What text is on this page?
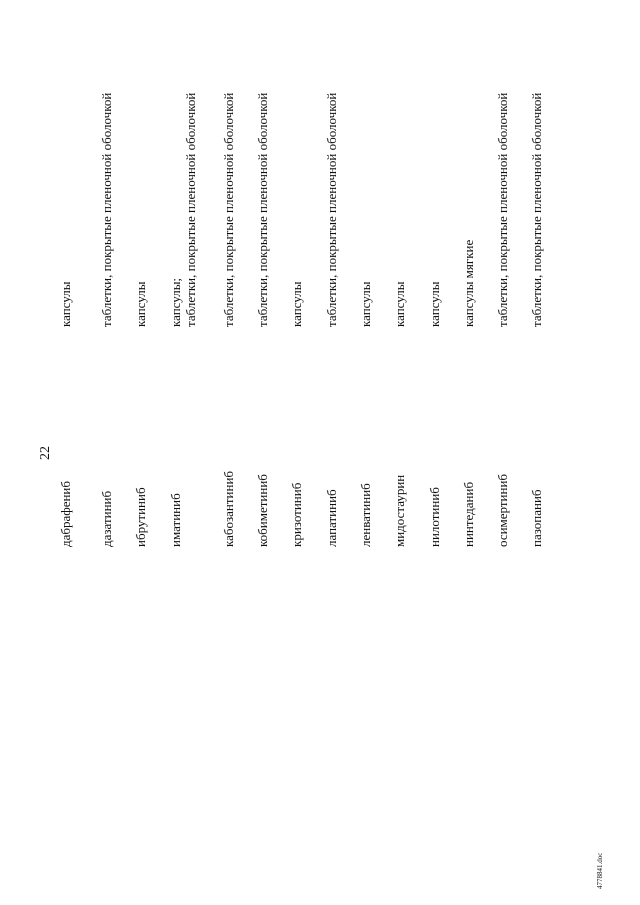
22
дабрафениб
капсулы
дазатиниб
таблетки, покрытые пленочной оболочкой
ибрутиниб
капсулы
иматиниб
капсулы; таблетки, покрытые пленочной оболочкой
кабозантиниб
таблетки, покрытые пленочной оболочкой
кобиметиниб
таблетки, покрытые пленочной оболочкой
кризотиниб
капсулы
лапатиниб
таблетки, покрытые пленочной оболочкой
ленватиниб
капсулы
мидостаурин
капсулы
нилотиниб
капсулы
нинтеданиб
капсулы мягкие
осимертиниб
таблетки, покрытые пленочной оболочкой
пазопаниб
таблетки, покрытые пленочной оболочкой
4778841.doc
